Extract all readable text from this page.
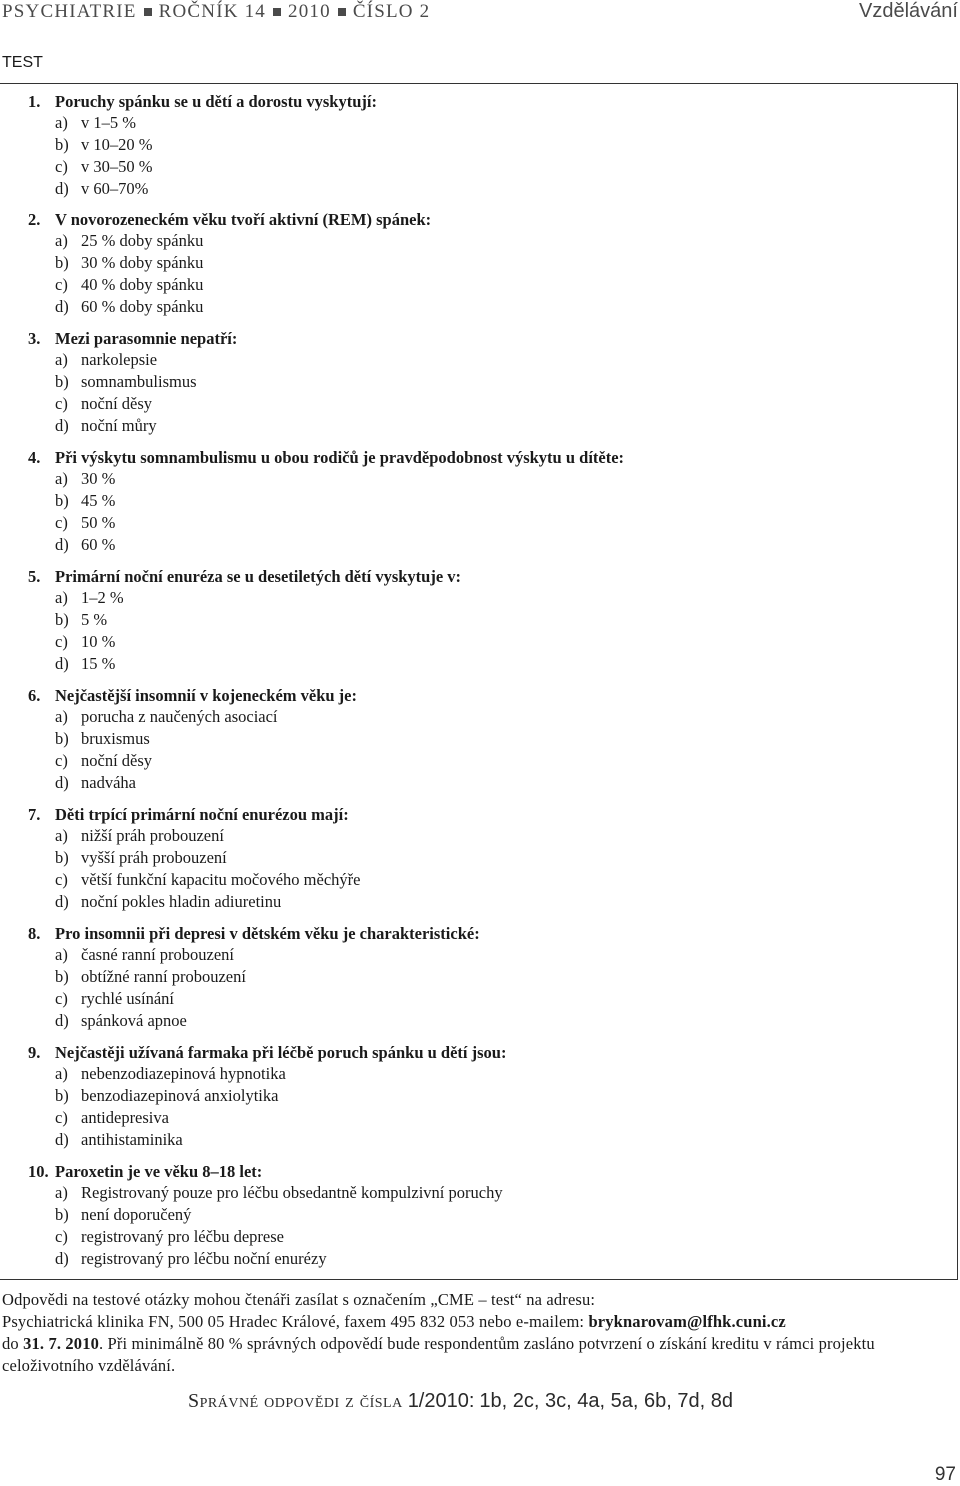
PSYCHIATRIE ROČNÍK 14 2010 ČÍSLO 2	Vzdělávání
TEST
1. Poruchy spánku se u dětí a dorostu vyskytují:
a) v 1–5 %
b) v 10–20 %
c) v 30–50 %
d) v 60–70%
2. V novorozeneckém věku tvoří aktivní (REM) spánek:
a) 25 % doby spánku
b) 30 % doby spánku
c) 40 % doby spánku
d) 60 % doby spánku
3. Mezi parasomnie nepatří:
a) narkolepsie
b) somnambulismus
c) noční děsy
d) noční můry
4. Při výskytu somnambulismu u obou rodičů je pravděpodobnost výskytu u dítěte:
a) 30 %
b) 45 %
c) 50 %
d) 60 %
5. Primární noční enuréza se u desetiletých dětí vyskytuje v:
a) 1–2 %
b) 5 %
c) 10 %
d) 15 %
6. Nejčastější insomnií v kojeneckém věku je:
a) porucha z naučených asociací
b) bruxismus
c) noční děsy
d) nadváha
7. Děti trpící primární noční enurézou mají:
a) nižší práh probouzení
b) vyšší práh probouzení
c) větší funkční kapacitu močového měchýře
d) noční pokles hladin adiuretinu
8. Pro insomnii při depresi v dětském věku je charakteristické:
a) časné ranní probouzení
b) obtížné ranní probouzení
c) rychlé usínání
d) spánková apnoe
9. Nejčastěji užívaná farmaka při léčbě poruch spánku u dětí jsou:
a) nebenzodiazepinová hypnotika
b) benzodiazepinová anxiolytika
c) antidepresiva
d) antihistaminika
10. Paroxetin je ve věku 8–18 let:
a) Registrovaný pouze pro léčbu obsedantně kompulzivní poruchy
b) není doporučený
c) registrovaný pro léčbu deprese
d) registrovaný pro léčbu noční enurézy
Odpovědi na testové otázky mohou čtenáři zasílat s označením „CME – test“ na adresu:
Psychiatrická klinika FN, 500 05 Hradec Králové, faxem 495 832 053 nebo e-mailem: bryknarovam@lfhk.cuni.cz
do 31. 7. 2010. Při minimálně 80 % správných odpovědí bude respondentům zasláno potvrzení o získání kreditu v rámci projektu celoživotního vzdělávání.
Správné odpovědi z čísla 1/2010: 1b, 2c, 3c, 4a, 5a, 6b, 7d, 8d
97
